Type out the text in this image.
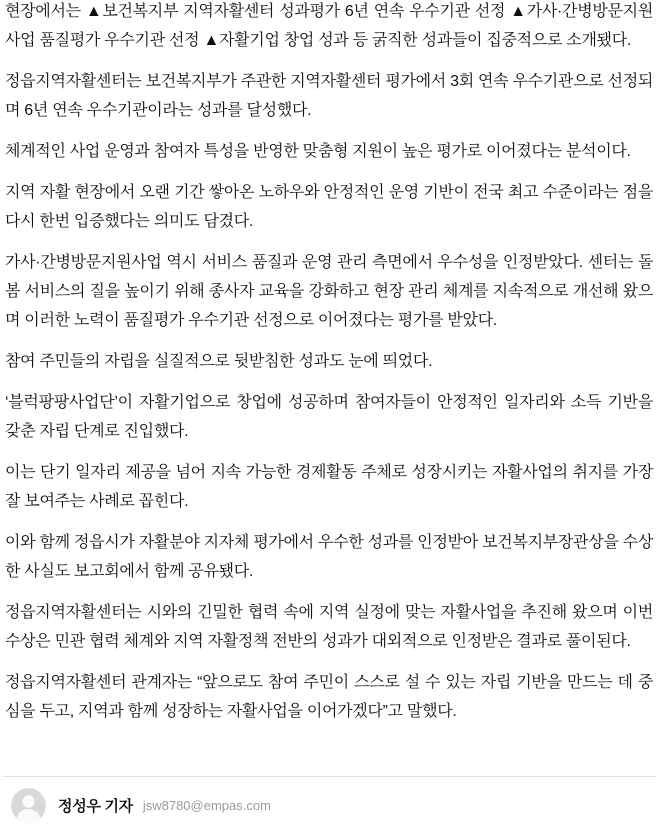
현장에서는 ▲보건복지부 지역자활센터 성과평가 6년 연속 우수기관 선정 ▲가사·간병방문지원사업 품질평가 우수기관 선정 ▲자활기업 창업 성과 등 굵직한 성과들이 집중적으로 소개됐다.

정읍지역자활센터는 보건복지부가 주관한 지역자활센터 평가에서 3회 연속 우수기관으로 선정되며 6년 연속 우수기관이라는 성과를 달성했다.

체계적인 사업 운영과 참여자 특성을 반영한 맞춤형 지원이 높은 평가로 이어졌다는 분석이다.

지역 자활 현장에서 오랜 기간 쌓아온 노하우와 안정적인 운영 기반이 전국 최고 수준이라는 점을 다시 한번 입증했다는 의미도 담겼다.

가사·간병방문지원사업 역시 서비스 품질과 운영 관리 측면에서 우수성을 인정받았다. 센터는 돌봄 서비스의 질을 높이기 위해 종사자 교육을 강화하고 현장 관리 체계를 지속적으로 개선해 왔으며 이러한 노력이 품질평가 우수기관 선정으로 이어졌다는 평가를 받았다.

참여 주민들의 자립을 실질적으로 뒷받침한 성과도 눈에 띄었다.

‘블럭팡팡사업단’이 자활기업으로 창업에 성공하며 참여자들이 안정적인 일자리와 소득 기반을 갖춘 자립 단계로 진입했다.

이는 단기 일자리 제공을 넘어 지속 가능한 경제활동 주체로 성장시키는 자활사업의 취지를 가장 잘 보여주는 사례로 꼽힌다.

이와 함께 정읍시가 자활분야 지자체 평가에서 우수한 성과를 인정받아 보건복지부장관상을 수상한 사실도 보고회에서 함께 공유됐다.

정읍지역자활센터는 시와의 긴밀한 협력 속에 지역 실정에 맞는 자활사업을 추진해 왔으며 이번 수상은 민관 협력 체계와 지역 자활정책 전반의 성과가 대외적으로 인정받은 결과로 풀이된다.

정읍지역자활센터 관계자는 “앞으로도 참여 주민이 스스로 설 수 있는 자립 기반을 만드는 데 중심을 두고, 지역과 함께 성장하는 자활사업을 이어가겠다”고 말했다.

정성우 기자 jsw8780@empas.com
